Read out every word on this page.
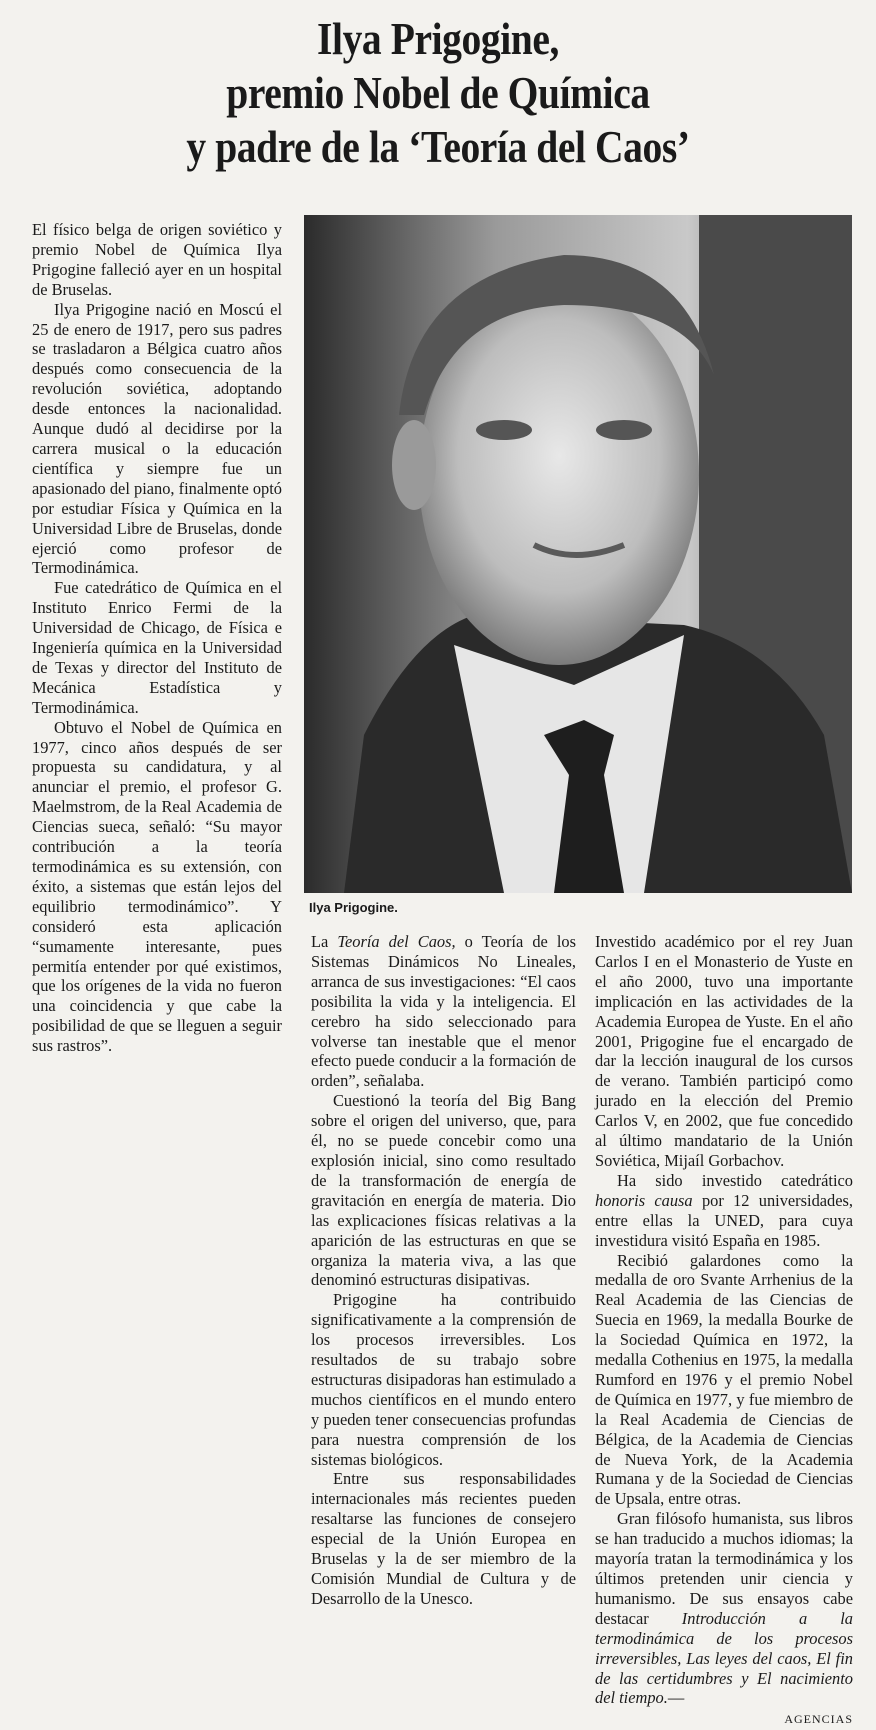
Ilya Prigogine,
premio Nobel de Química
y padre de la ‘Teoría del Caos’
Ilya Prigogine.

El físico belga de origen soviético y premio Nobel de Química Ilya Prigogine falleció ayer en un hospital de Bruselas.

Ilya Prigogine nació en Moscú el 25 de enero de 1917, pero sus padres se trasladaron a Bélgica cuatro años después como consecuencia de la revolución soviética, adoptando desde entonces la nacionalidad. Aunque dudó al decidirse por la carrera musical o la educación científica y siempre fue un apasionado del piano, finalmente optó por estudiar Física y Química en la Universidad Libre de Bruselas, donde ejerció como profesor de Termodinámica.

Fue catedrático de Química en el Instituto Enrico Fermi de la Universidad de Chicago, de Física e Ingeniería química en la Universidad de Texas y director del Instituto de Mecánica Estadística y Termodinámica.

Obtuvo el Nobel de Química en 1977, cinco años después de ser propuesta su candidatura, y al anunciar el premio, el profesor G. Maelmstrom, de la Real Academia de Ciencias sueca, señaló: “Su mayor contribución a la teoría termodinámica es su extensión, con éxito, a sistemas que están lejos del equilibrio termodinámico”. Y consideró esta aplicación “sumamente interesante, pues permitía entender por qué existimos, que los orígenes de la vida no fueron una coincidencia y que cabe la posibilidad de que se lleguen a seguir sus rastros”.

La Teoría del Caos, o Teoría de los Sistemas Dinámicos No Lineales, arranca de sus investigaciones: “El caos posibilita la vida y la inteligencia. El cerebro ha sido seleccionado para volverse tan inestable que el menor efecto puede conducir a la formación de orden”, señalaba.

Cuestionó la teoría del Big Bang sobre el origen del universo, que, para él, no se puede concebir como una explosión inicial, sino como resultado de la transformación de energía de gravitación en energía de materia. Dio las explicaciones físicas relativas a la aparición de las estructuras en que se organiza la materia viva, a las que denominó estructuras disipativas.

Prigogine ha contribuido significativamente a la comprensión de los procesos irreversibles. Los resultados de su trabajo sobre estructuras disipadoras han estimulado a muchos científicos en el mundo entero y pueden tener consecuencias profundas para nuestra comprensión de los sistemas biológicos.

Entre sus responsabilidades internacionales más recientes pueden resaltarse las funciones de consejero especial de la Unión Europea en Bruselas y la de ser miembro de la Comisión Mundial de Cultura y de Desarrollo de la Unesco.

Investido académico por el rey Juan Carlos I en el Monasterio de Yuste en el año 2000, tuvo una importante implicación en las actividades de la Academia Europea de Yuste. En el año 2001, Prigogine fue el encargado de dar la lección inaugural de los cursos de verano. También participó como jurado en la elección del Premio Carlos V, en 2002, que fue concedido al último mandatario de la Unión Soviética, Mijaíl Gorbachov.

Ha sido investido catedrático honoris causa por 12 universidades, entre ellas la UNED, para cuya investidura visitó España en 1985.

Recibió galardones como la medalla de oro Svante Arrhenius de la Real Academia de las Ciencias de Suecia en 1969, la medalla Bourke de la Sociedad Química en 1972, la medalla Cothenius en 1975, la medalla Rumford en 1976 y el premio Nobel de Química en 1977, y fue miembro de la Real Academia de Ciencias de Bélgica, de la Academia de Ciencias de Nueva York, de la Academia Rumana y de la Sociedad de Ciencias de Upsala, entre otras.

Gran filósofo humanista, sus libros se han traducido a muchos idiomas; la mayoría tratan la termodinámica y los últimos pretenden unir ciencia y humanismo. De sus ensayos cabe destacar Introducción a la termodinámica de los procesos irreversibles, Las leyes del caos, El fin de las certidumbres y El nacimiento del tiempo.—

AGENCIAS
